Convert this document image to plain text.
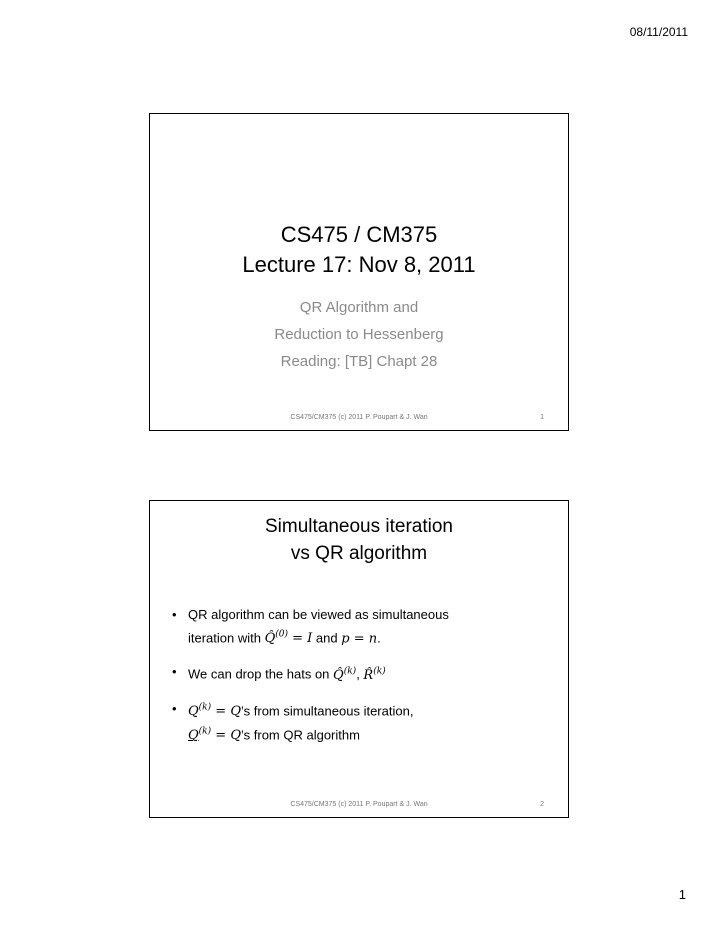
08/11/2011
CS475 / CM375
Lecture 17: Nov 8, 2011
QR Algorithm and
Reduction to Hessenberg
Reading: [TB] Chapt 28
CS475/CM375 (c) 2011 P. Poupart & J. Wan	1
Simultaneous iteration
vs QR algorithm
• QR algorithm can be viewed as simultaneous
iteration with Q̂$^{(0)}$ = I and p = n.
• We can drop the hats on Q̂$^{(k)}$, R̂$^{(k)}$
• $Q^{(k)}$ = Q’s from simultaneous iteration,
$Q^{(k)}$ = Q’s from QR algorithm
CS475/CM375 (c) 2011 P. Poupart & J. Wan	2
1
